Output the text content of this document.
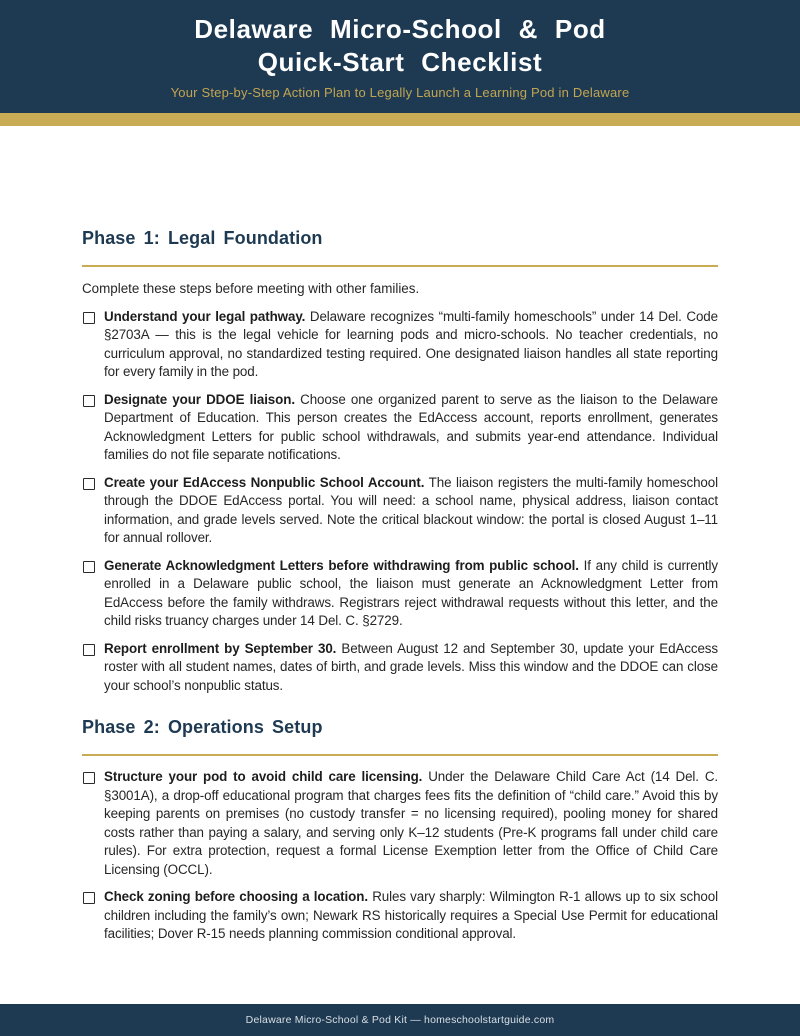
Delaware Micro-School & Pod
Quick-Start Checklist

Your Step-by-Step Action Plan to Legally Launch a Learning Pod in Delaware

Phase 1: Legal Foundation

Complete these steps before meeting with other families.

Understand your legal pathway. Delaware recognizes “multi-family homeschools” under 14 Del. Code §2703A — this is the legal vehicle for learning pods and micro-schools. No teacher credentials, no curriculum approval, no standardized testing required. One designated liaison handles all state reporting for every family in the pod.

Designate your DDOE liaison. Choose one organized parent to serve as the liaison to the Delaware Department of Education. This person creates the EdAccess account, reports enrollment, generates Acknowledgment Letters for public school withdrawals, and submits year-end attendance. Individual families do not file separate notifications.

Create your EdAccess Nonpublic School Account. The liaison registers the multi-family homeschool through the DDOE EdAccess portal. You will need: a school name, physical address, liaison contact information, and grade levels served. Note the critical blackout window: the portal is closed August 1–11 for annual rollover.

Generate Acknowledgment Letters before withdrawing from public school. If any child is currently enrolled in a Delaware public school, the liaison must generate an Acknowledgment Letter from EdAccess before the family withdraws. Registrars reject withdrawal requests without this letter, and the child risks truancy charges under 14 Del. C. §2729.

Report enrollment by September 30. Between August 12 and September 30, update your EdAccess roster with all student names, dates of birth, and grade levels. Miss this window and the DDOE can close your school’s nonpublic status.

Phase 2: Operations Setup

Structure your pod to avoid child care licensing. Under the Delaware Child Care Act (14 Del. C. §3001A), a drop-off educational program that charges fees fits the definition of “child care.” Avoid this by keeping parents on premises (no custody transfer = no licensing required), pooling money for shared costs rather than paying a salary, and serving only K–12 students (Pre-K programs fall under child care rules). For extra protection, request a formal License Exemption letter from the Office of Child Care Licensing (OCCL).

Check zoning before choosing a location. Rules vary sharply: Wilmington R-1 allows up to six school children including the family’s own; Newark RS historically requires a Special Use Permit for educational facilities; Dover R-15 needs planning commission conditional approval.

Delaware Micro-School & Pod Kit — homeschoolstartguide.com
